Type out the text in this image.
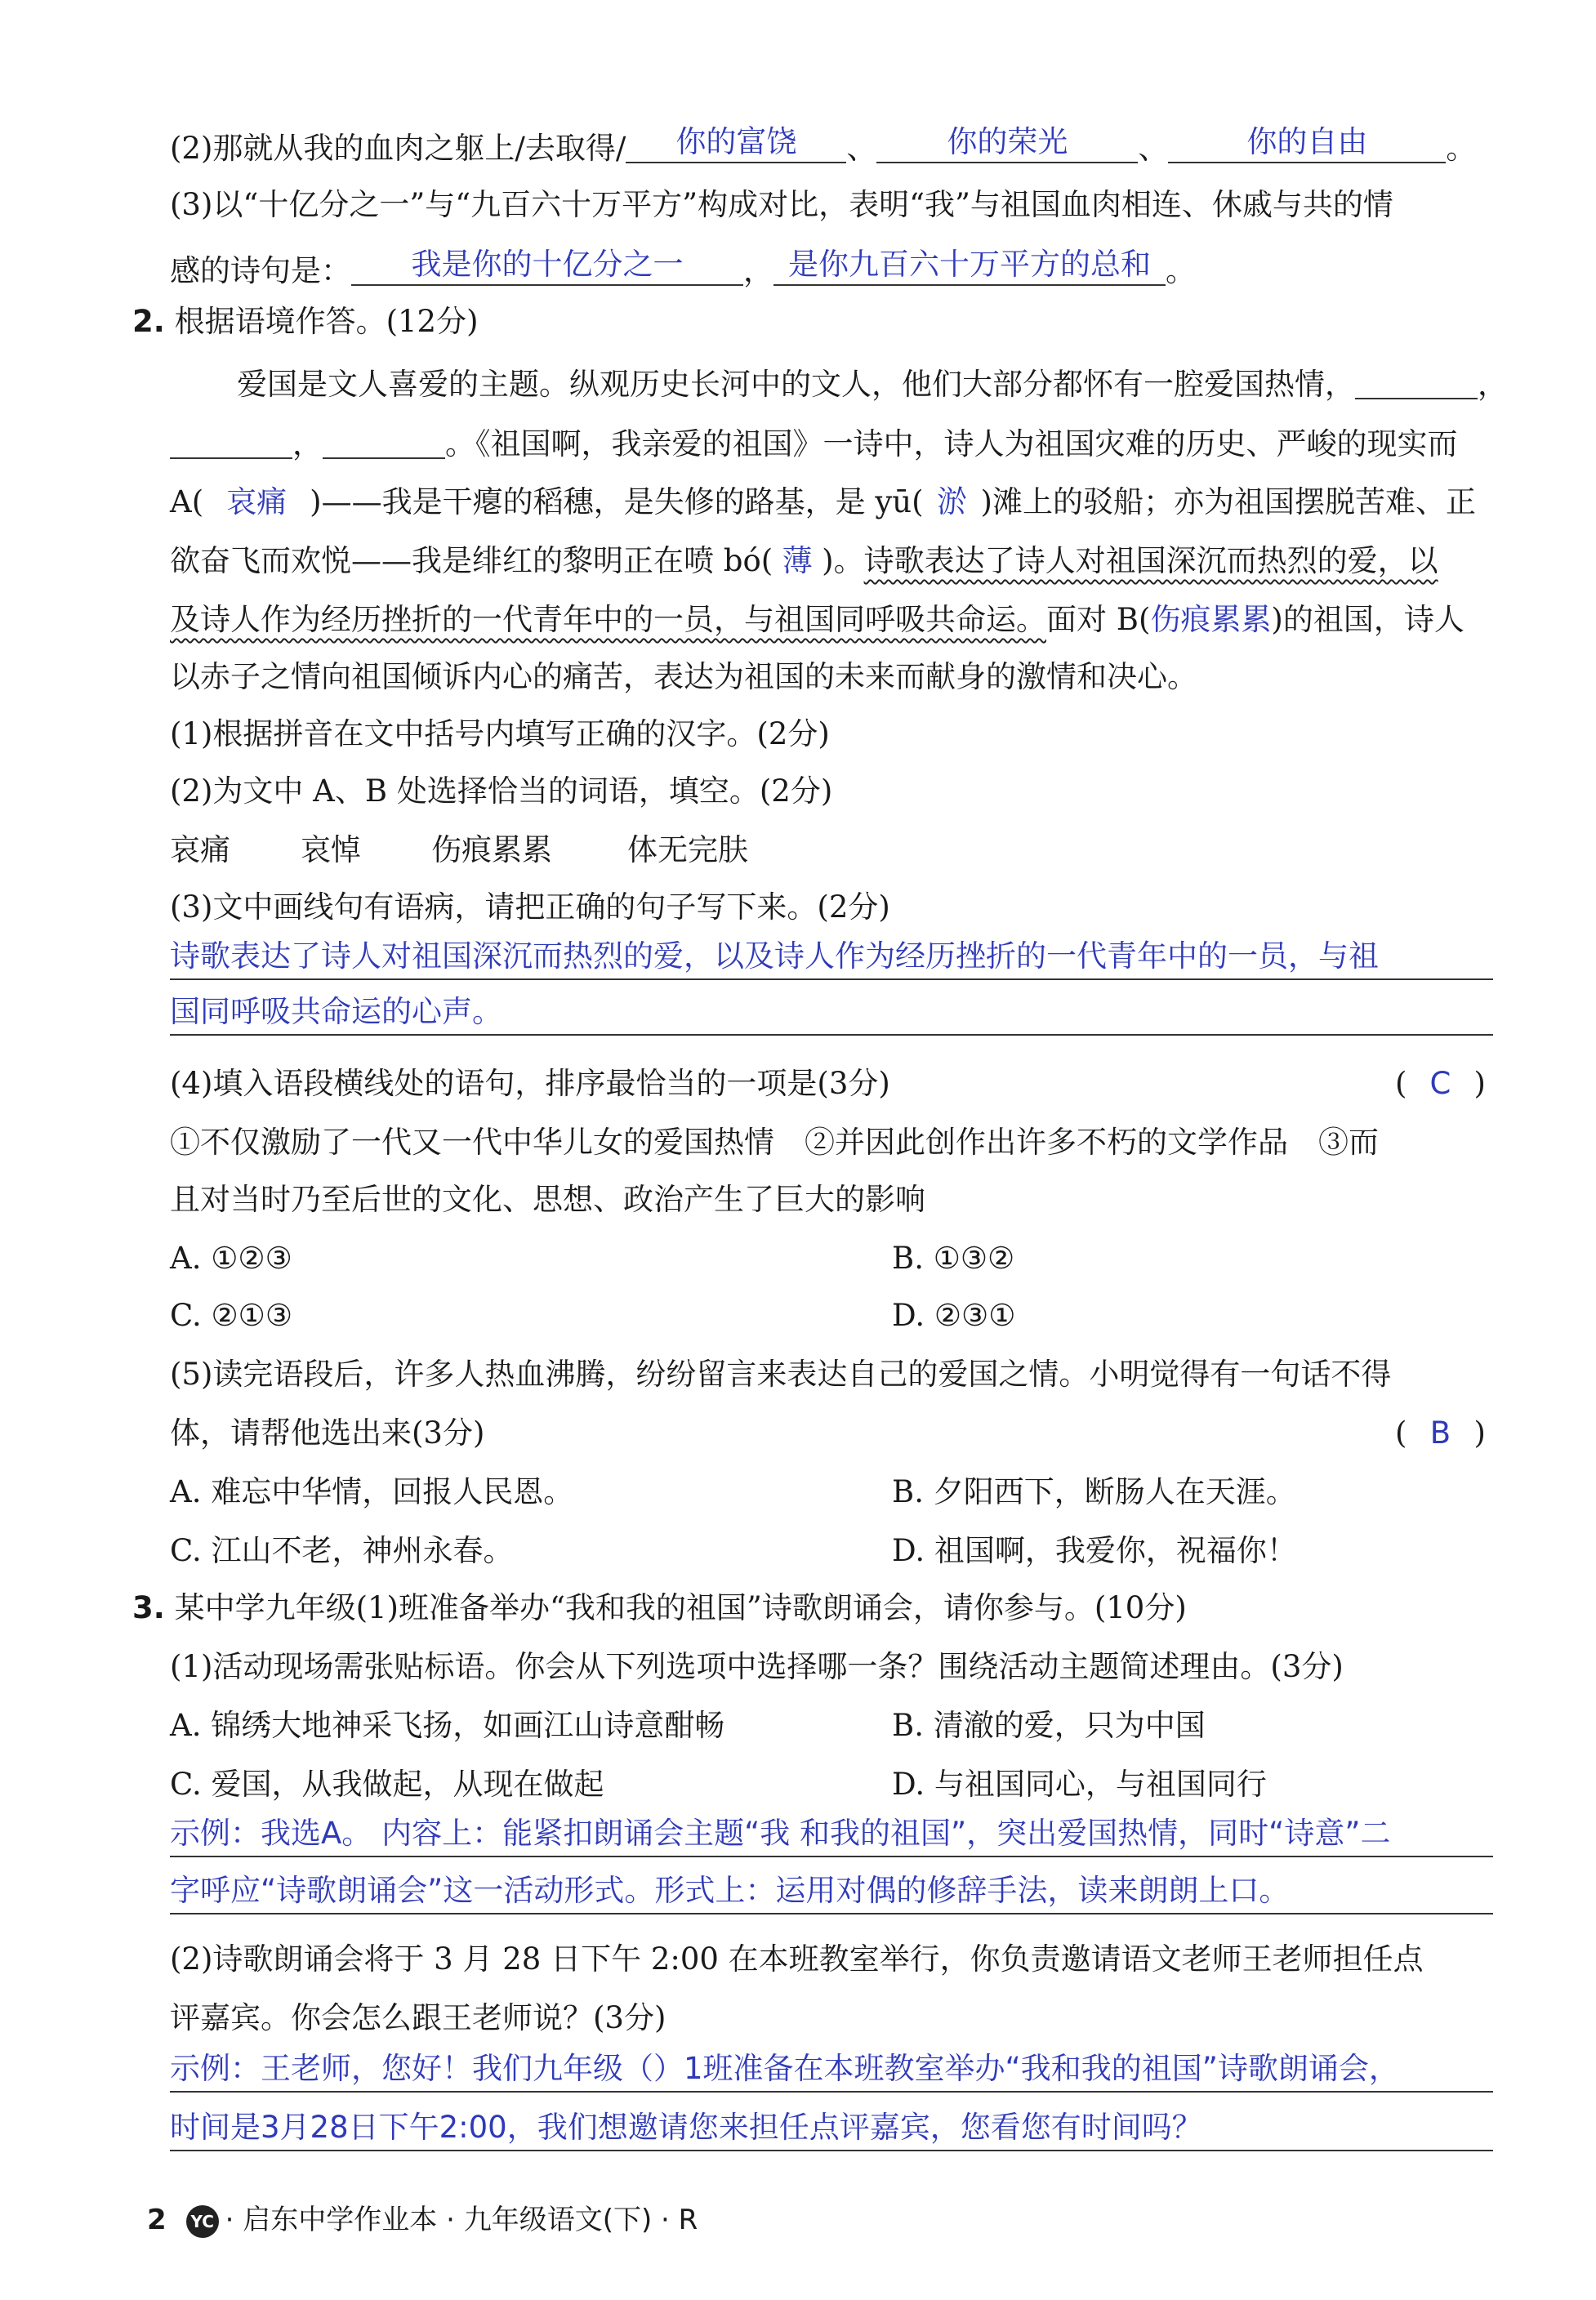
(2)那就从我的血肉之躯上/去取得/ 你的富饶 、 你的荣光 、	你的自由	。
(3)以“十亿分之一”与“九百六十万平方”构成对比，表明“我”与祖国血肉相连、休戚与共的情
感的诗句是： 我是你的十亿分之一 ， 是你九百六十万平方的总和 。
2. 根据语境作答。(12分)
爱国是文人喜爱的主题。纵观历史长河中的文人，他们大部分都怀有一腔爱国热情，	，
，	。《祖国啊，我亲爱的祖国》一诗中，诗人为祖国灾难的历史、严峻的现实而
A( 哀痛 )——我是干瘪的稻穗，是失修的路基，是 yū( 淤 )滩上的驳船；亦为祖国摆脱苦难、正
欲奋飞而欢悦——我是绯红的黎明正在喷 bó( 薄 )。诗歌表达了诗人对祖国深沉而热烈的爱，以
及诗人作为经历挫折的一代青年中的一员，与祖国同呼吸共命运。面对 B(伤痕累累)的祖国，诗人
以赤子之情向祖国倾诉内心的痛苦，表达为祖国的未来而献身的激情和决心。
(1)根据拼音在文中括号内填写正确的汉字。(2分)
(2)为文中 A、B 处选择恰当的词语，填空。(2分)
哀痛 哀悼 伤痕累累 体无完肤
(3)文中画线句有语病，请把正确的句子写下来。(2分)
诗歌表达了诗人对祖国深沉而热烈的爱，以及诗人作为经历挫折的一代青年中的一员，与祖
国同呼吸共命运的心声。
(4)填入语段横线处的语句，排序最恰当的一项是(3分)	( C )
①不仅激励了一代又一代中华儿女的爱国热情　②并因此创作出许多不朽的文学作品　③而
且对当时乃至后世的文化、思想、政治产生了巨大的影响
A. ①②③	B. ①③②
C. ②①③	D. ②③①
(5)读完语段后，许多人热血沸腾，纷纷留言来表达自己的爱国之情。小明觉得有一句话不得
体，请帮他选出来(3分)	( B )
A. 难忘中华情，回报人民恩。	B. 夕阳西下，断肠人在天涯。
C. 江山不老，神州永春。	D. 祖国啊，我爱你，祝福你！
3. 某中学九年级(1)班准备举办“我和我的祖国”诗歌朗诵会，请你参与。(10分)
(1)活动现场需张贴标语。你会从下列选项中选择哪一条？围绕活动主题简述理由。(3分)
A. 锦绣大地神采飞扬，如画江山诗意酣畅	B. 清澈的爱，只为中国
C. 爱国，从我做起，从现在做起	D. 与祖国同心，与祖国同行
示例：我选A。 内容上：能紧扣朗诵会主题“我 和我的祖国”，突出爱国热情，同时“诗意”二
字呼应“诗歌朗诵会”这一活动形式。形式上：运用对偶的修辞手法，读来朗朗上口。
(2)诗歌朗诵会将于 3 月 28 日下午 2:00 在本班教室举行，你负责邀请语文老师王老师担任点
评嘉宾。你会怎么跟王老师说？(3分)
示例：王老师，您好！我们九年级（）1班准备在本班教室举办“我和我的祖国”诗歌朗诵会，
时间是3月28日下午2:00，我们想邀请您来担任点评嘉宾，您看您有时间吗？
2 YC · 启东中学作业本 · 九年级语文(下) · R
